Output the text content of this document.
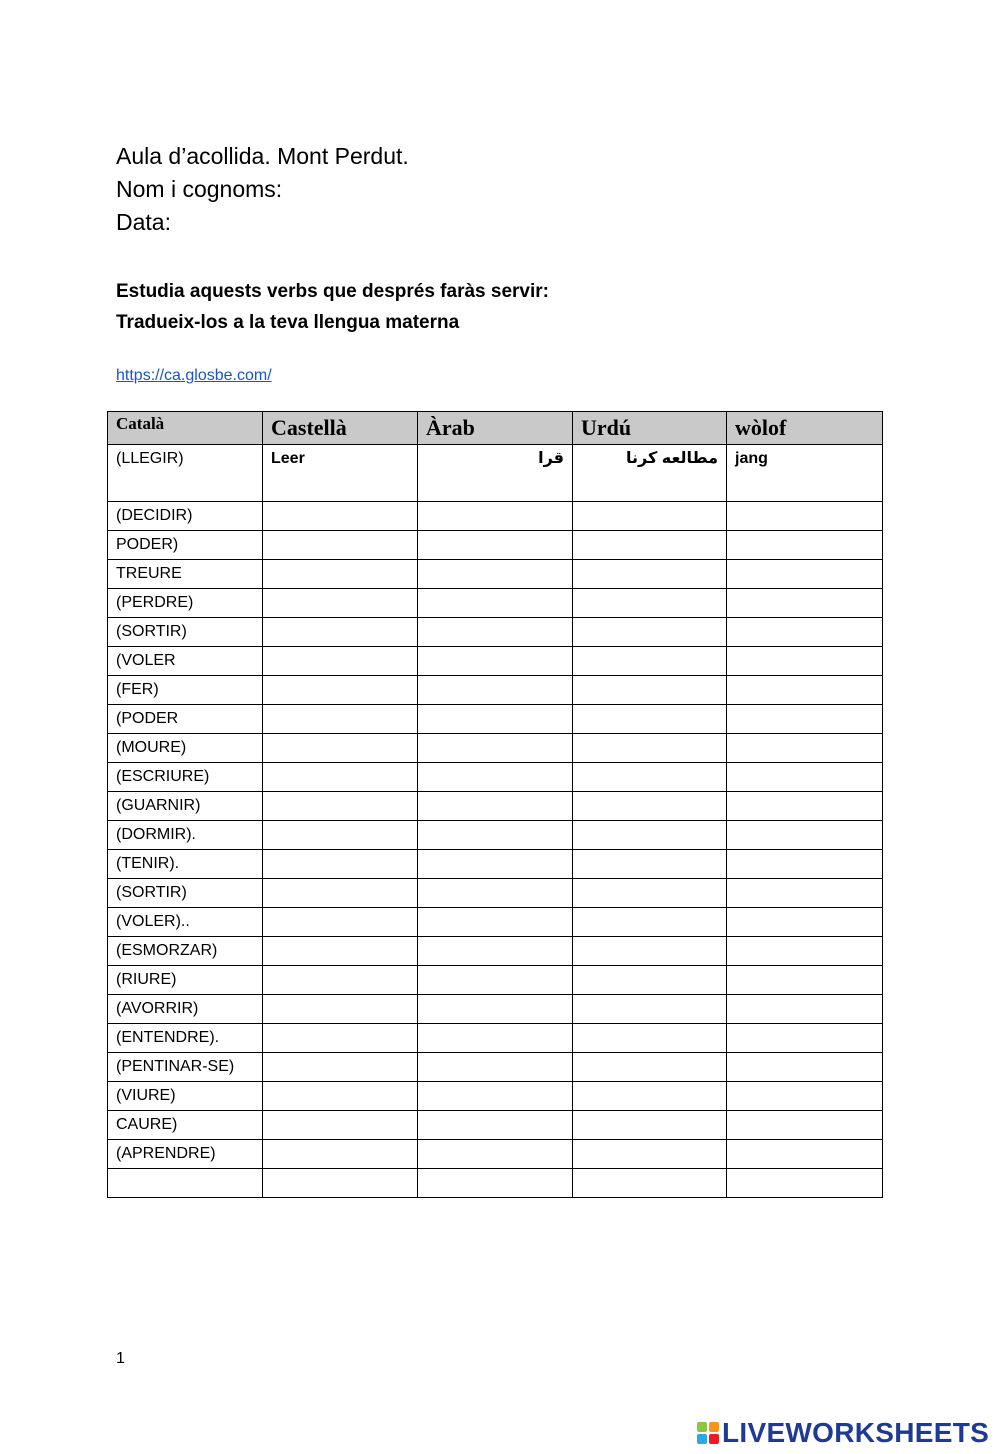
Aula d’acollida. Mont Perdut.
Nom i cognoms:
Data:
Estudia aquests verbs que després faràs servir:
Tradueix-los a la teva llengua materna
https://ca.glosbe.com/
Català	Castellà	Àrab	Urdú	wòlof
(LLEGIR)	Leer	قرا	مطالعه کرنا	jang
(DECIDIR)				
PODER)				
TREURE				
(PERDRE)				
(SORTIR)				
(VOLER				
(FER)				
(PODER				
(MOURE)				
(ESCRIURE)				
(GUARNIR)				
(DORMIR).				
(TENIR).				
(SORTIR)				
(VOLER)..				
(ESMORZAR)				
(RIURE)				
(AVORRIR)				
(ENTENDRE).				
(PENTINAR-SE)				
(VIURE)				
CAURE)				
(APRENDRE)				

1
LIVEWORKSHEETS
